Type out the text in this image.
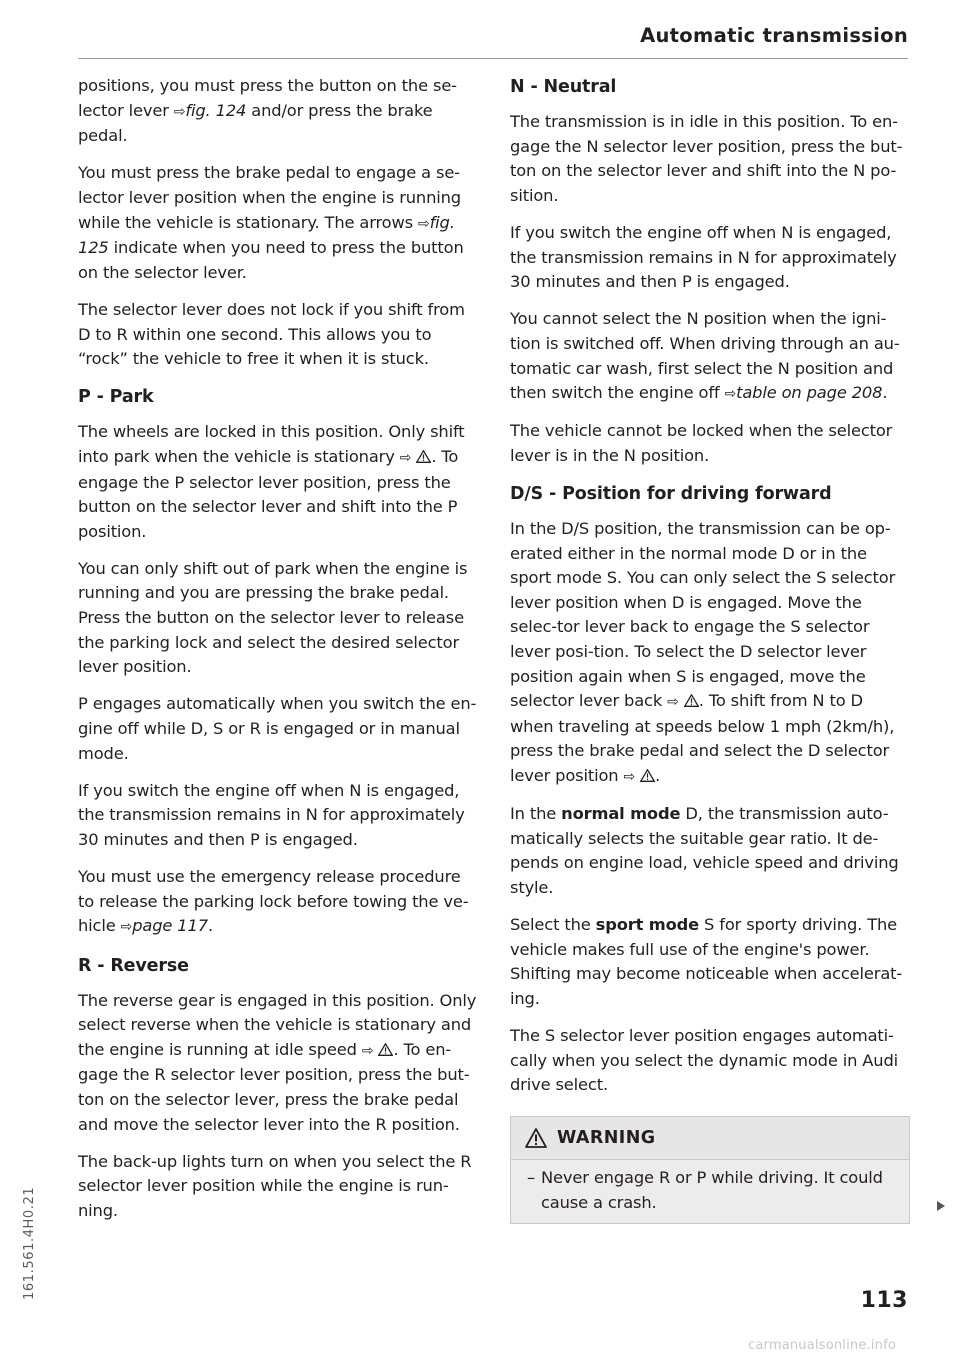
Automatic transmission

positions, you must press the button on the se-
lector lever ⇨fig. 124 and/or press the brake
pedal.

You must press the brake pedal to engage a se-lector lever position when the engine is running while the vehicle is stationary. The arrows ⇨fig. 125 indicate when you need to press the button on the selector lever.

The selector lever does not lock if you shift from D to R within one second. This allows you to “rock” the vehicle to free it when it is stuck.

P - Park

The wheels are locked in this position. Only shift into park when the vehicle is stationary ⇨ . To engage the P selector lever position, press the button on the selector lever and shift into the P position.

You can only shift out of park when the engine is running and you are pressing the brake pedal. Press the button on the selector lever to release the parking lock and select the desired selector lever position.

P engages automatically when you switch the en-gine off while D, S or R is engaged or in manual mode.

If you switch the engine off when N is engaged, the transmission remains in N for approximately 30 minutes and then P is engaged.

You must use the emergency release procedure to release the parking lock before towing the ve-hicle ⇨page 117.

R - Reverse

The reverse gear is engaged in this position. Only select reverse when the vehicle is stationary and the engine is running at idle speed ⇨ . To en-gage the R selector lever position, press the but-ton on the selector lever, press the brake pedal and move the selector lever into the R position.

The back-up lights turn on when you select the R selector lever position while the engine is run-ning.

N - Neutral

The transmission is in idle in this position. To en-gage the N selector lever position, press the but-ton on the selector lever and shift into the N po-sition.

If you switch the engine off when N is engaged, the transmission remains in N for approximately 30 minutes and then P is engaged.

You cannot select the N position when the igni-tion is switched off. When driving through an au-tomatic car wash, first select the N position and then switch the engine off ⇨table on page 208.

The vehicle cannot be locked when the selector lever is in the N position.

D/S - Position for driving forward

In the D/S position, the transmission can be op-erated either in the normal mode D or in the sport mode S. You can only select the S selector lever position when D is engaged. Move the selec-tor lever back to engage the S selector lever posi-tion. To select the D selector lever position again when S is engaged, move the selector lever back ⇨ . To shift from N to D when traveling at speeds below 1 mph (2km/h), press the brake pedal and select the D selector lever position ⇨ .

In the normal mode D, the transmission auto-matically selects the suitable gear ratio. It de-pends on engine load, vehicle speed and driving style.

Select the sport mode S for sporty driving. The vehicle makes full use of the engine's power. Shifting may become noticeable when accelerat-ing.

The S selector lever position engages automati-cally when you select the dynamic mode in Audi drive select.

WARNING
– Never engage R or P while driving. It could cause a crash.
161.561.4H0.21
113
carmanualsonline.info
